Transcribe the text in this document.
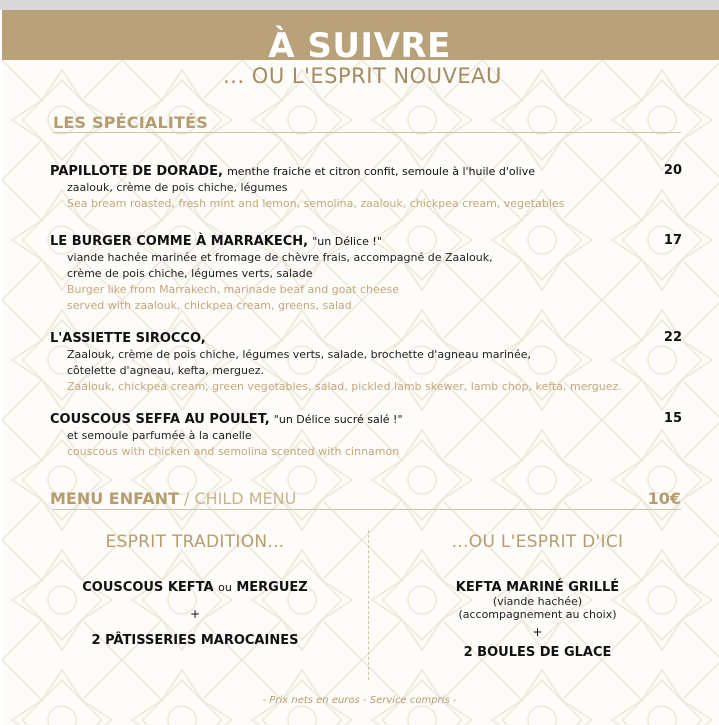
À SUIVRE
... OU L'ESPRIT NOUVEAU
LES SPÉCIALITÉS
PAPILLOTE DE DORADE, menthe fraiche et citron confit, semoule à l'huile d'olive
zaalouk, crème de pois chiche, légumes
Sea bream roasted, fresh mint and lemon, semolina, zaalouk, chickpea cream, vegetables
20
LE BURGER COMME À MARRAKECH, "un Délice !"
viande hachée marinée et fromage de chèvre frais, accompagné de Zaalouk,
crème de pois chiche, légumes verts, salade
Burger like from Marrakech, marinade beaf and goat cheese
served with zaalouk, chickpea cream, greens, salad
17
L'ASSIETTE SIROCCO,
Zaalouk, crème de pois chiche, légumes verts, salade, brochette d'agneau marinée,
côtelette d'agneau, kefta, merguez.
Zaalouk, chickpea cream, green vegetables, salad, pickled lamb skewer, lamb chop, kefta, merguez.
22
COUSCOUS SEFFA AU POULET, "un Délice sucré salé !"
et semoule parfumée à la canelle
couscous with chicken and semolina scented with cinnamon
15
MENU ENFANT / CHILD MENU	10€
ESPRIT TRADITION...
COUSCOUS KEFTA ou MERGUEZ
+
2 PÂTISSERIES MAROCAINES
...OU L'ESPRIT D'ICI
KEFTA MARINÉ GRILLÉ
(viande hachée)
(accompagnement au choix)
+
2 BOULES DE GLACE
- Prix nets en euros - Service compris -
